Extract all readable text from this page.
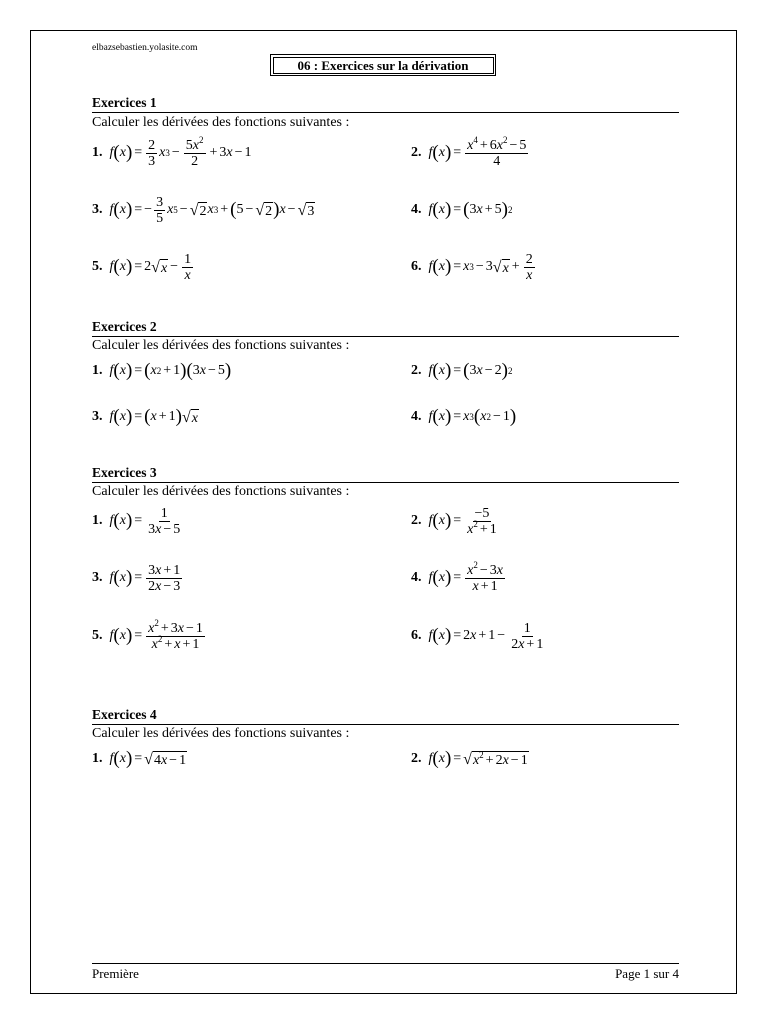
elbazsebastien.yolasite.com
06 : Exercices sur la dérivation
Exercices 1
Calculer les dérivées des fonctions suivantes :
1. f ( x ) = $\frac{2}{3}$ x $3 - \frac{5x^2}{2} + 3$ x − 1	2. f ( x ) = $\frac{x^4 + 6x^2 - 5}{4}$
3. f ( x ) = − $\frac{3}{5}$ x 5 − √ 2 x 3 + ( 5 − √ 2 ) x − √ 3	4. f ( x ) = ( 3 x + 5 ) 2
5. f ( x ) = 2 √ $x - \frac{1}{x}$	6. f ( x ) = x 3 − 3 √ $x + \frac{2}{x}$
Exercices 2
Calculer les dérivées des fonctions suivantes :
1. f ( x ) = ( x 2 + 1 ) ( 3 x − 5 )	2. f ( x ) = ( 3 x − 2 ) 2
3. f ( x ) = ( x + 1 ) √ x	4. f ( x ) = x 3 ( x 2 − 1 )
Exercices 3
Calculer les dérivées des fonctions suivantes :
1. f ( x ) = $\frac{1}{3x - 5}$	2. f ( x ) = $\frac{-5}{x^2 + 1}$
3. f ( x ) = $\frac{3x + 1}{2x - 3}$	4. f ( x ) = $\frac{x^2 - 3x}{x + 1}$
5. f ( x ) = $\frac{x^2 + 3x - 1}{x^2 + x + 1}$	6. f ( x ) = 2 $x + 1 - \frac{1}{2x + 1}$
Exercices 4
Calculer les dérivées des fonctions suivantes :
1. f ( x ) = √ 4x − 1	2. f ( x ) = √ $x^2 + 2x - 1$
Première	Page 1 sur 4
